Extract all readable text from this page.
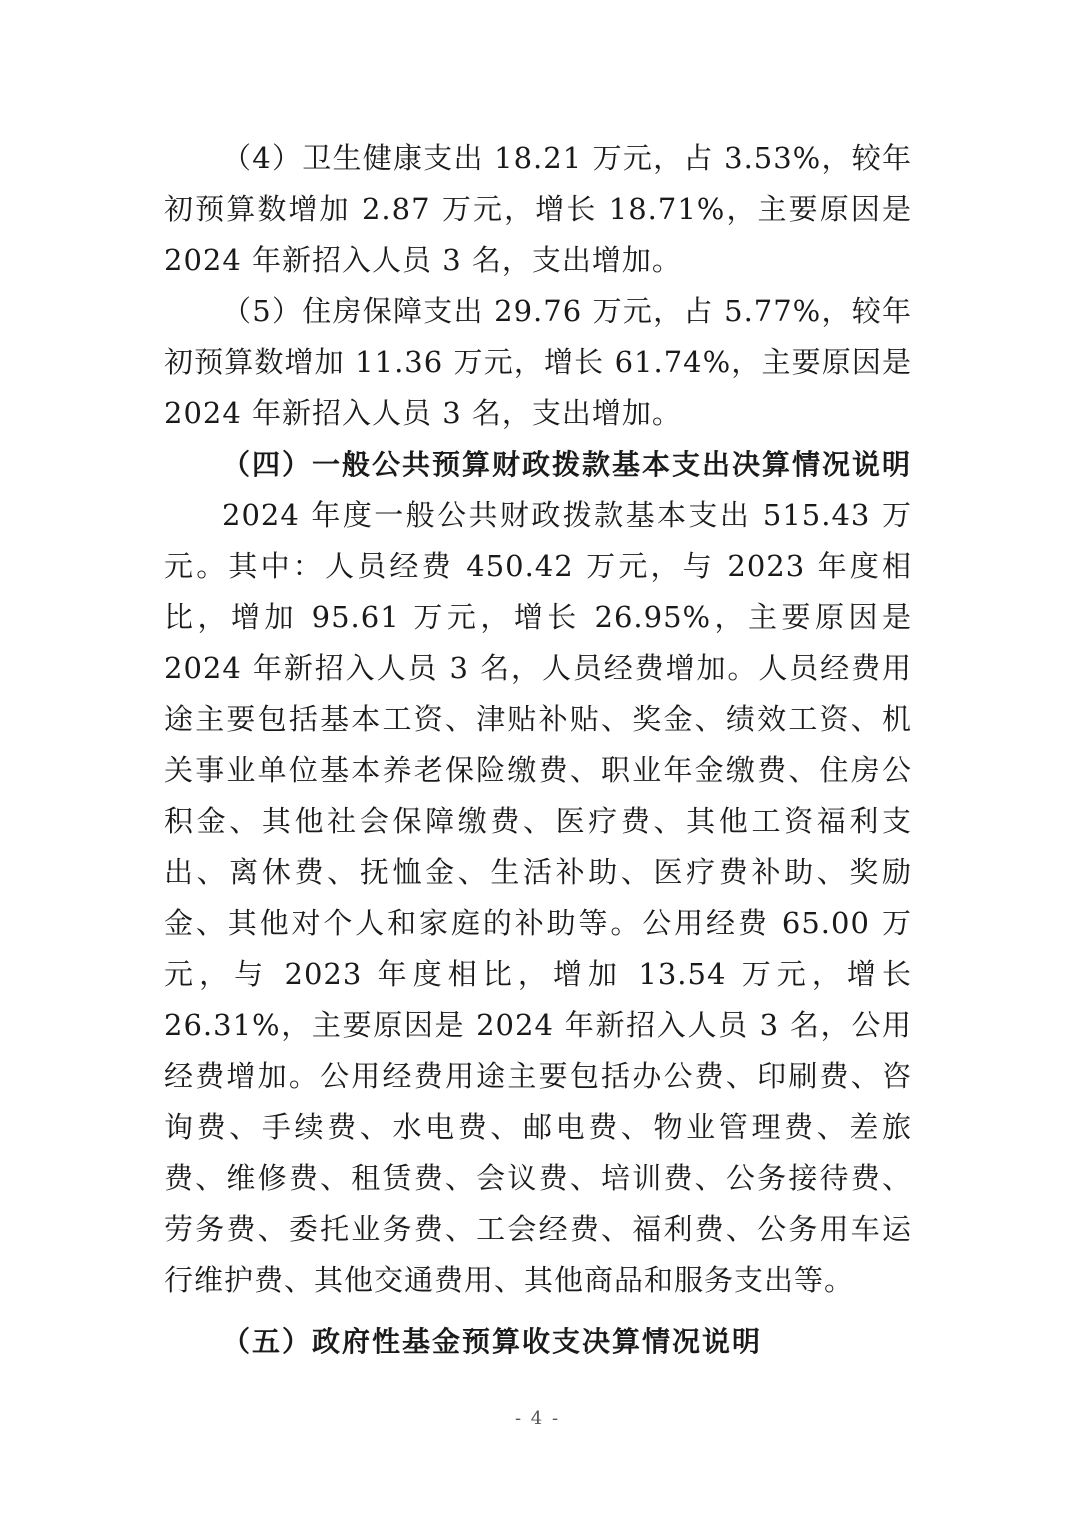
（4）卫生健康支出 18.21 万元，占 3.53%，较年初预算数增加 2.87 万元，增长 18.71%，主要原因是 2024 年新招入人员 3 名，支出增加。

（5）住房保障支出 29.76 万元，占 5.77%，较年初预算数增加 11.36 万元，增长 61.74%，主要原因是 2024 年新招入人员 3 名，支出增加。

（四）一般公共预算财政拨款基本支出决算情况说明

2024 年度一般公共财政拨款基本支出 515.43 万元。其中：人员经费 450.42 万元，与 2023 年度相比，增加 95.61 万元，增长 26.95%，主要原因是 2024 年新招入人员 3 名，人员经费增加。人员经费用途主要包括基本工资、津贴补贴、奖金、绩效工资、机关事业单位基本养老保险缴费、职业年金缴费、住房公积金、其他社会保障缴费、医疗费、其他工资福利支出、离休费、抚恤金、生活补助、医疗费补助、奖励金、其他对个人和家庭的补助等。公用经费 65.00 万元，与 2023 年度相比，增加 13.54 万元，增长 26.31%，主要原因是 2024 年新招入人员 3 名，公用经费增加。公用经费用途主要包括办公费、印刷费、咨询费、手续费、水电费、邮电费、物业管理费、差旅费、维修费、租赁费、会议费、培训费、公务接待费、劳务费、委托业务费、工会经费、福利费、公务用车运行维护费、其他交通费用、其他商品和服务支出等。

（五）政府性基金预算收支决算情况说明

- 4 -
